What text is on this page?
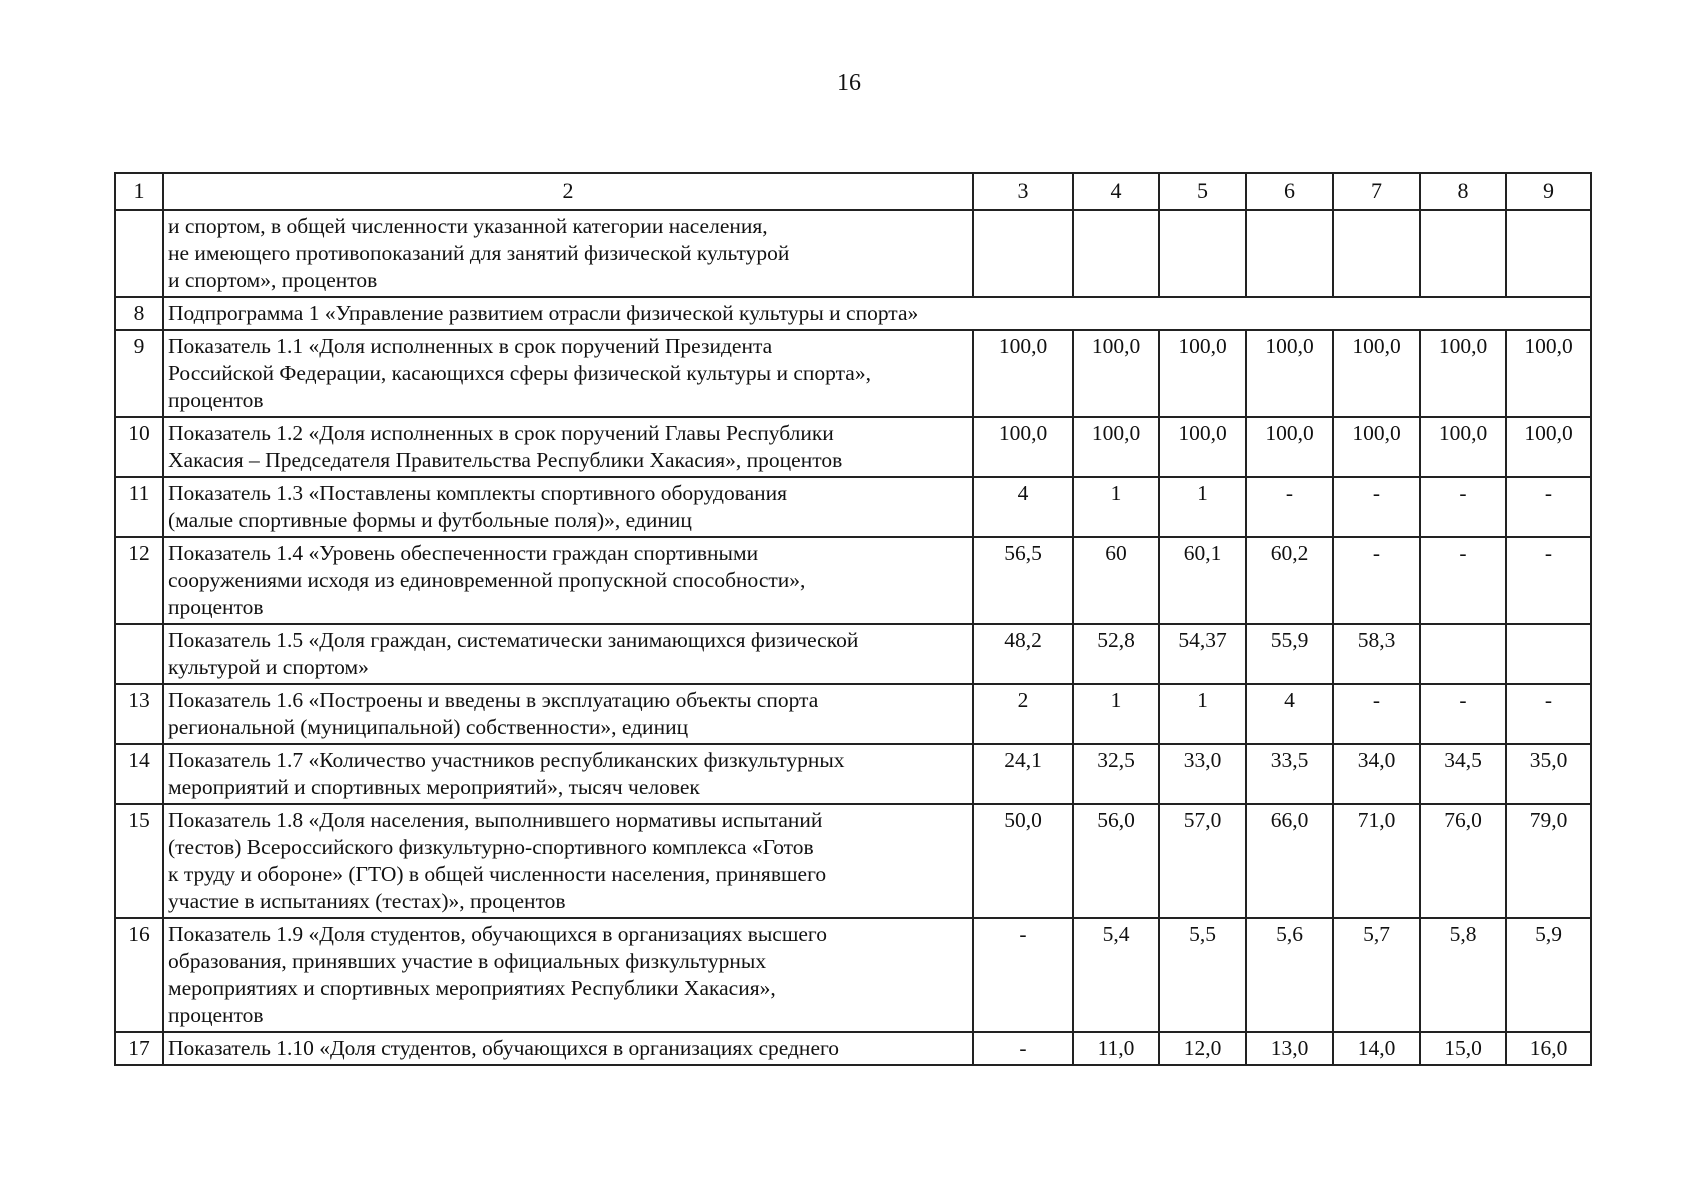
16
1	2	3	4	5	6	7	8	9

	и спортом, в общей численности указанной категории населения,
не имеющего противопоказаний для занятий физической культурой
и спортом», процентов							

8	Подпрограмма 1 «Управление развитием отрасли физической культуры и спорта»							
9	Показатель 1.1 «Доля исполненных в срок поручений Президента
Российской Федерации, касающихся сферы физической культуры и спорта»,
процентов	100,0	100,0	100,0	100,0	100,0	100,0	100,0
10	Показатель 1.2 «Доля исполненных в срок поручений Главы Республики
Хакасия – Председателя Правительства Республики Хакасия», процентов	100,0	100,0	100,0	100,0	100,0	100,0	100,0
11	Показатель 1.3 «Поставлены комплекты спортивного оборудования
(малые спортивные формы и футбольные поля)», единиц	4	1	1	-	-	-	-
12	Показатель 1.4 «Уровень обеспеченности граждан спортивными
сооружениями исходя из единовременной пропускной способности»,
процентов	56,5	60	60,1	60,2	-	-	-

	Показатель 1.5 «Доля граждан, систематически занимающихся физической
культурой и спортом»	48,2	52,8	54,37	55,9	58,3		
13	Показатель 1.6 «Построены и введены в эксплуатацию объекты спорта
региональной (муниципальной) собственности», единиц	2	1	1	4	-	-	-
14	Показатель 1.7 «Количество участников республиканских физкультурных
мероприятий и спортивных мероприятий», тысяч человек	24,1	32,5	33,0	33,5	34,0	34,5	35,0
15	Показатель 1.8 «Доля населения, выполнившего нормативы испытаний
(тестов) Всероссийского физкультурно-спортивного комплекса «Готов
к труду и обороне» (ГТО) в общей численности населения, принявшего
участие в испытаниях (тестах)», процентов	50,0	56,0	57,0	66,0	71,0	76,0	79,0
16	Показатель 1.9 «Доля студентов, обучающихся в организациях высшего
образования, принявших участие в официальных физкультурных
мероприятиях и спортивных мероприятиях Республики Хакасия»,
процентов	-	5,4	5,5	5,6	5,7	5,8	5,9
17	Показатель 1.10 «Доля студентов, обучающихся в организациях среднего	-	11,0	12,0	13,0	14,0	15,0	16,0
